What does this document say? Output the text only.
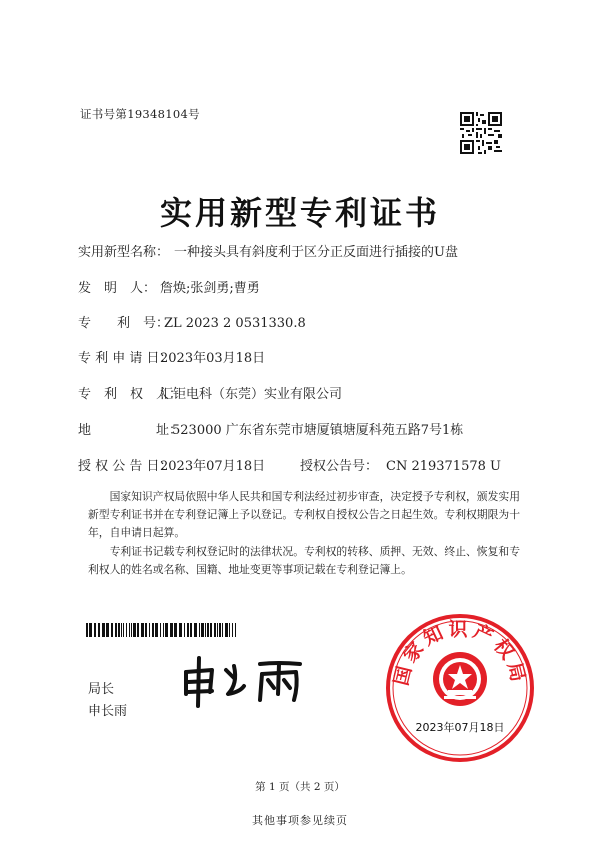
证书号第19348104号
实用新型专利证书
实用新型名称： 一种接头具有斜度利于区分正反面进行插接的U盘
发　明　人： 詹焕;张剑勇;曹勇
专　　利　号：
ZL 2023 2 0531330.8
专 利 申 请 日：
2023年03月18日
专　利　权　人：
汇钜电科（东莞）实业有限公司
地　　　　　址：
523000 广东省东莞市塘厦镇塘厦科苑五路7号1栋
授 权 公 告 日：
2023年07月18日	授权公告号： CN 219371578 U

国家知识产权局依照中华人民共和国专利法经过初步审查，决定授予专利权，颁发实用新型专利证书并在专利登记簿上予以登记。专利权自授权公告之日起生效。专利权期限为十年，自申请日起算。

专利证书记载专利权登记时的法律状况。专利权的转移、质押、无效、终止、恢复和专利权人的姓名或名称、国籍、地址变更等事项记载在专利登记簿上。

局长
申长雨
国家知识产权局
2023年07月18日
第 1 页（共 2 页）
其他事项参见续页
